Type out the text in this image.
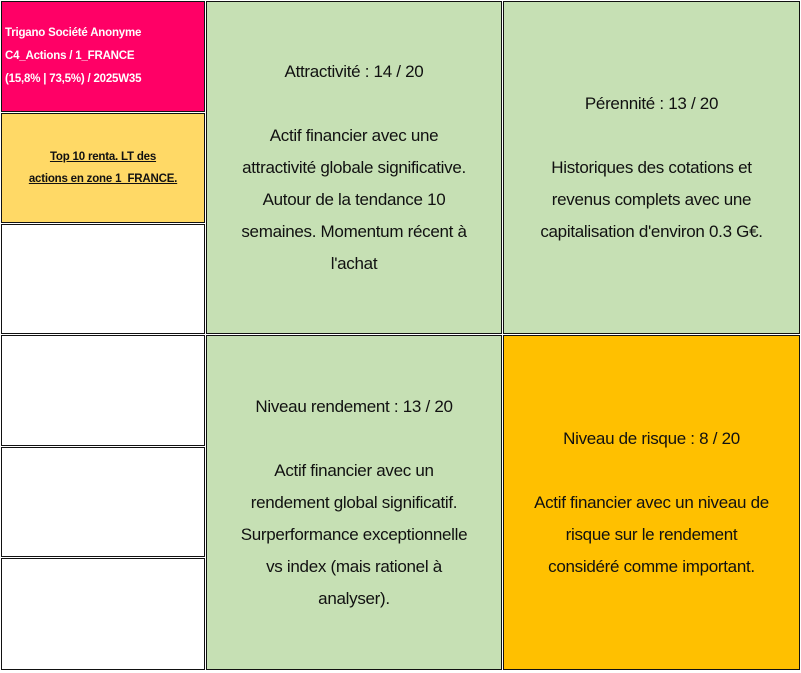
Trigano Société Anonyme
C4_Actions / 1_FRANCE
(15,8% | 73,5%) / 2025W35
Top 10 renta. LT des
actions en zone 1_FRANCE.
Attractivité : 14 / 20
Actif financier avec une
attractivité globale significative.
Autour de la tendance 10
semaines. Momentum récent à
l'achat
Pérennité : 13 / 20
Historiques des cotations et
revenus complets avec une
capitalisation d'environ 0.3 G€.
Niveau rendement : 13 / 20
Actif financier avec un
rendement global significatif.
Surperformance exceptionnelle
vs index (mais rationel à
analyser).
Niveau de risque : 8 / 20
Actif financier avec un niveau de
risque sur le rendement
considéré comme important.
